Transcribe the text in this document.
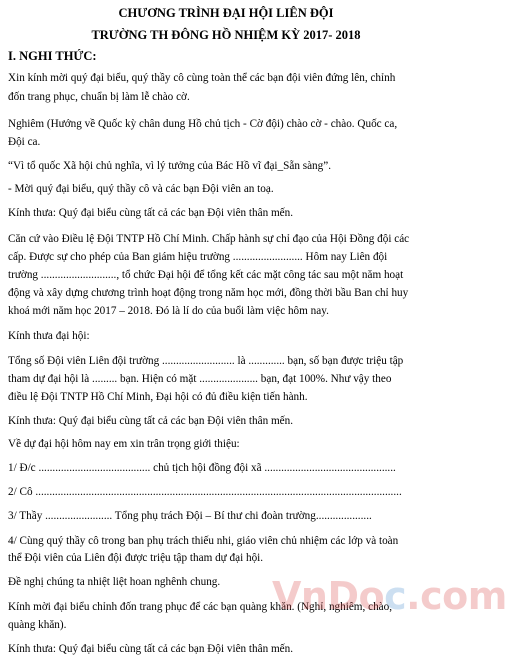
CHƯƠNG TRÌNH ĐẠI HỘI LIÊN ĐỘI
TRƯỜNG TH ĐÔNG HỒ NHIỆM KỲ 2017- 2018
I. NGHI THỨC:
Xin kính mời quý đại biểu, quý thầy cô cùng toàn thể các bạn đội viên đứng lên, chỉnh
đốn trang phục, chuẩn bị làm lễ chào cờ.
Nghiêm (Hướng về Quốc kỳ chân dung Hồ chủ tịch - Cờ đội) chào cờ - chào. Quốc ca,
Đội ca.
“Vì tổ quốc Xã hội chủ nghĩa, vì lý tưởng của Bác Hồ vĩ đại_Sẵn sàng”.
- Mời quý đại biểu, quý thầy cô và các bạn Đội viên an toạ.
Kính thưa: Quý đại biểu cùng tất cả các bạn Đội viên thân mến.
Căn cứ vào Điều lệ Đội TNTP Hồ Chí Minh. Chấp hành sự chỉ đạo của Hội Đồng đội các
cấp. Được sự cho phép của Ban giám hiệu trường ......................... Hôm nay Liên đội
trường ..........................., tổ chức Đại hội để tổng kết các mặt công tác sau một năm hoạt
động và xây dựng chương trình hoạt động trong năm học mới, đồng thời bầu Ban chỉ huy
khoá mới năm học 2017 – 2018. Đó là lí do của buổi làm việc hôm nay.
Kính thưa đại hội:
Tổng số Đội viên Liên đội trường .......................... là ............. bạn, số bạn được triệu tập
tham dự đại hội là ......... bạn. Hiện có mặt ..................... bạn, đạt 100%. Như vậy theo
điều lệ Đội TNTP Hồ Chí Minh, Đại hội có đủ điều kiện tiến hành.
Kính thưa: Quý đại biểu cùng tất cả các bạn Đội viên thân mến.
Về dự đại hội hôm nay em xin trân trọng giới thiệu:
1/ Đ/c ........................................ chủ tịch hội đồng đội xã ...............................................
2/ Cô ...................................................................................................................................
3/ Thầy ........................ Tổng phụ trách Đội – Bí thư chi đoàn trường....................
4/ Cùng quý thầy cô trong ban phụ trách thiếu nhi, giáo viên chủ nhiệm các lớp và toàn
thể Đội viên của Liên đội được triệu tập tham dự đại hội.
Đề nghị chúng ta nhiệt liệt hoan nghênh chung.
Kính mời đại biểu chỉnh đốn trang phục để các bạn quàng khăn. (Nghỉ, nghiêm, chào,
quàng khăn).
Kính thưa: Quý đại biểu cùng tất cả các bạn Đội viên thân mến.
VnDoc.com
